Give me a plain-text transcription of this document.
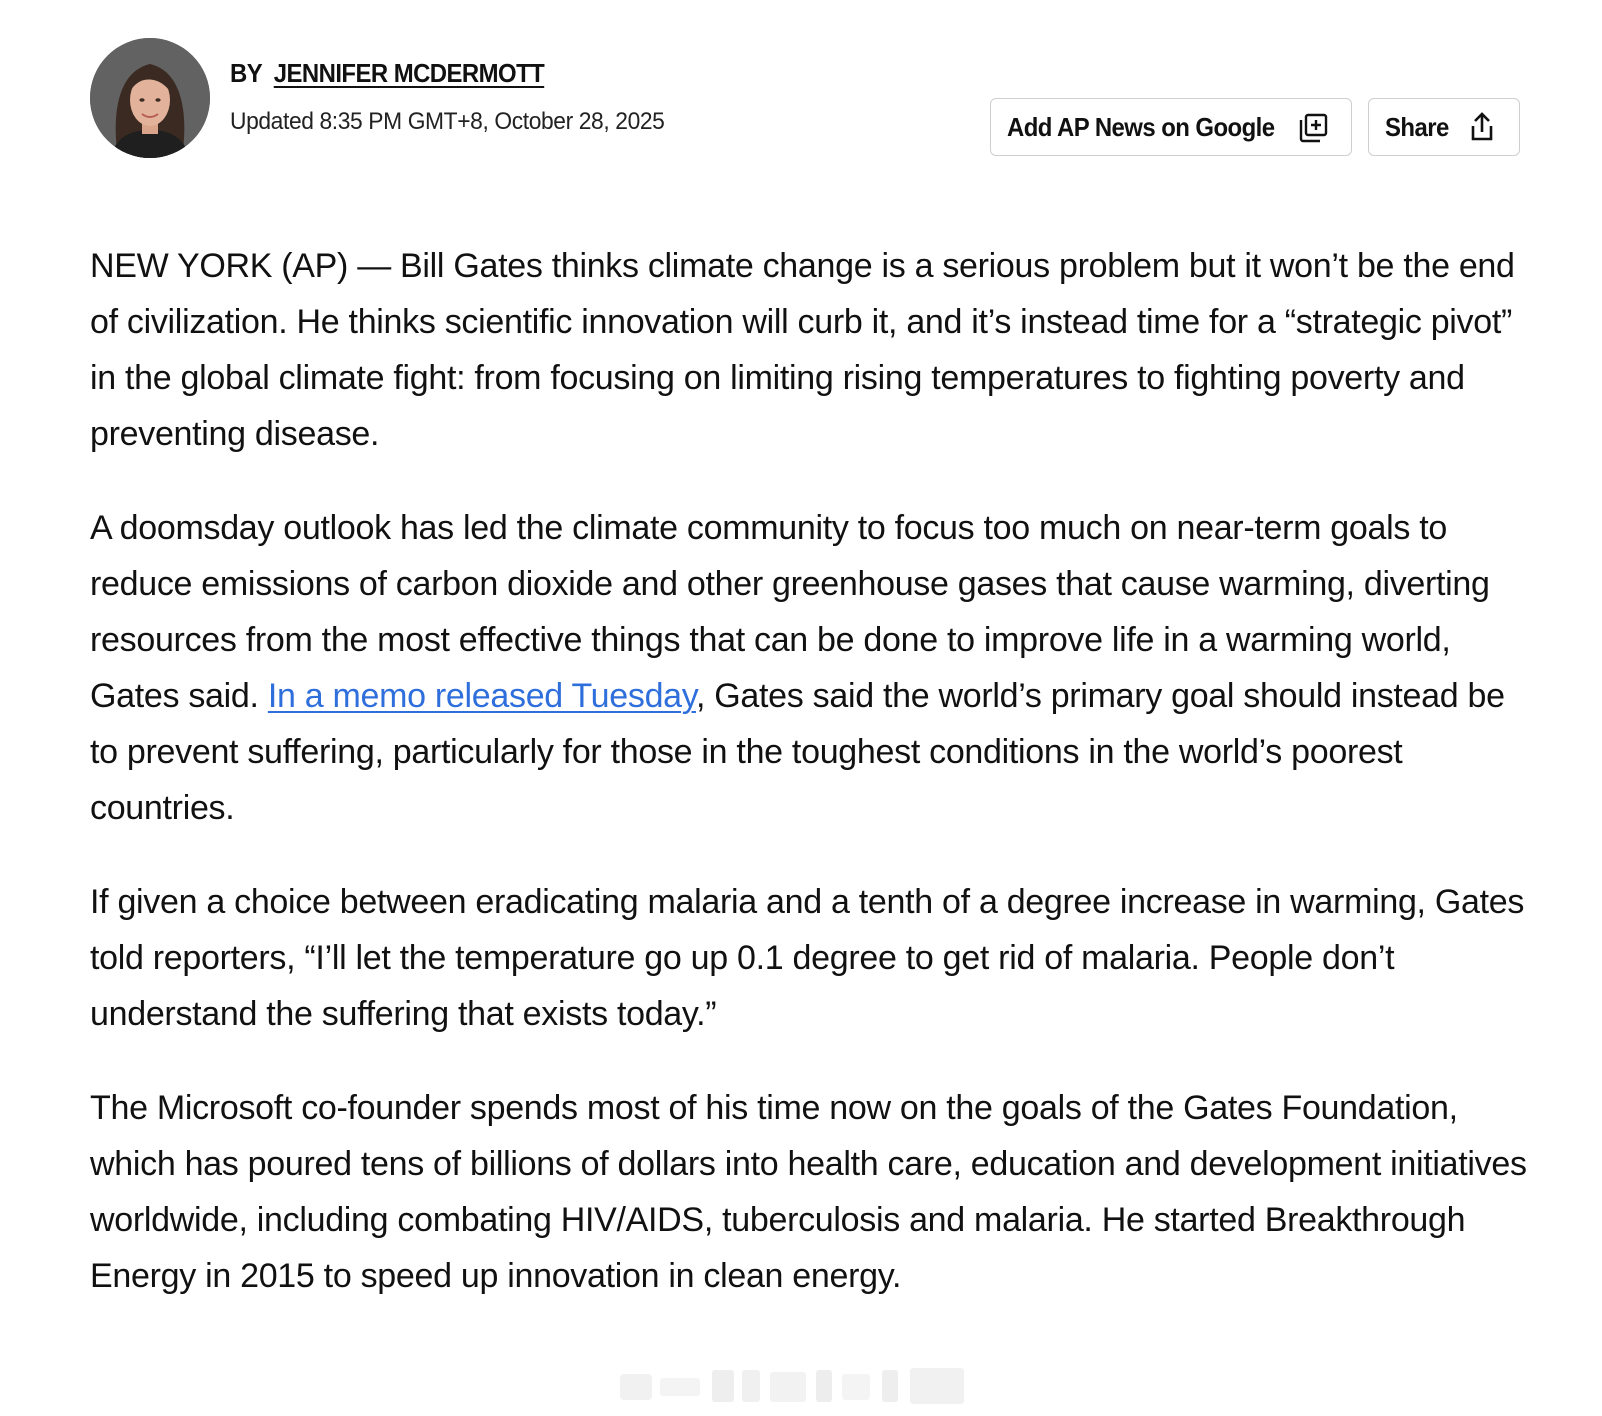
BY JENNIFER MCDERMOTT
Updated 8:35 PM GMT+8, October 28, 2025	Add AP News on Google	Share

NEW YORK (AP) — Bill Gates thinks climate change is a serious problem but it won’t be the end of civilization. He thinks scientific innovation will curb it, and it’s instead time for a “strategic pivot” in the global climate fight: from focusing on limiting rising temperatures to fighting poverty and preventing disease.

A doomsday outlook has led the climate community to focus too much on near-term goals to reduce emissions of carbon dioxide and other greenhouse gases that cause warming, diverting resources from the most effective things that can be done to improve life in a warming world, Gates said. In a memo released Tuesday, Gates said the world’s primary goal should instead be to prevent suffering, particularly for those in the toughest conditions in the world’s poorest countries.

If given a choice between eradicating malaria and a tenth of a degree increase in warming, Gates told reporters, “I’ll let the temperature go up 0.1 degree to get rid of malaria. People don’t understand the suffering that exists today.”

The Microsoft co-founder spends most of his time now on the goals of the Gates Foundation, which has poured tens of billions of dollars into health care, education and development initiatives worldwide, including combating HIV/AIDS, tuberculosis and malaria. He started Breakthrough Energy in 2015 to speed up innovation in clean energy.
